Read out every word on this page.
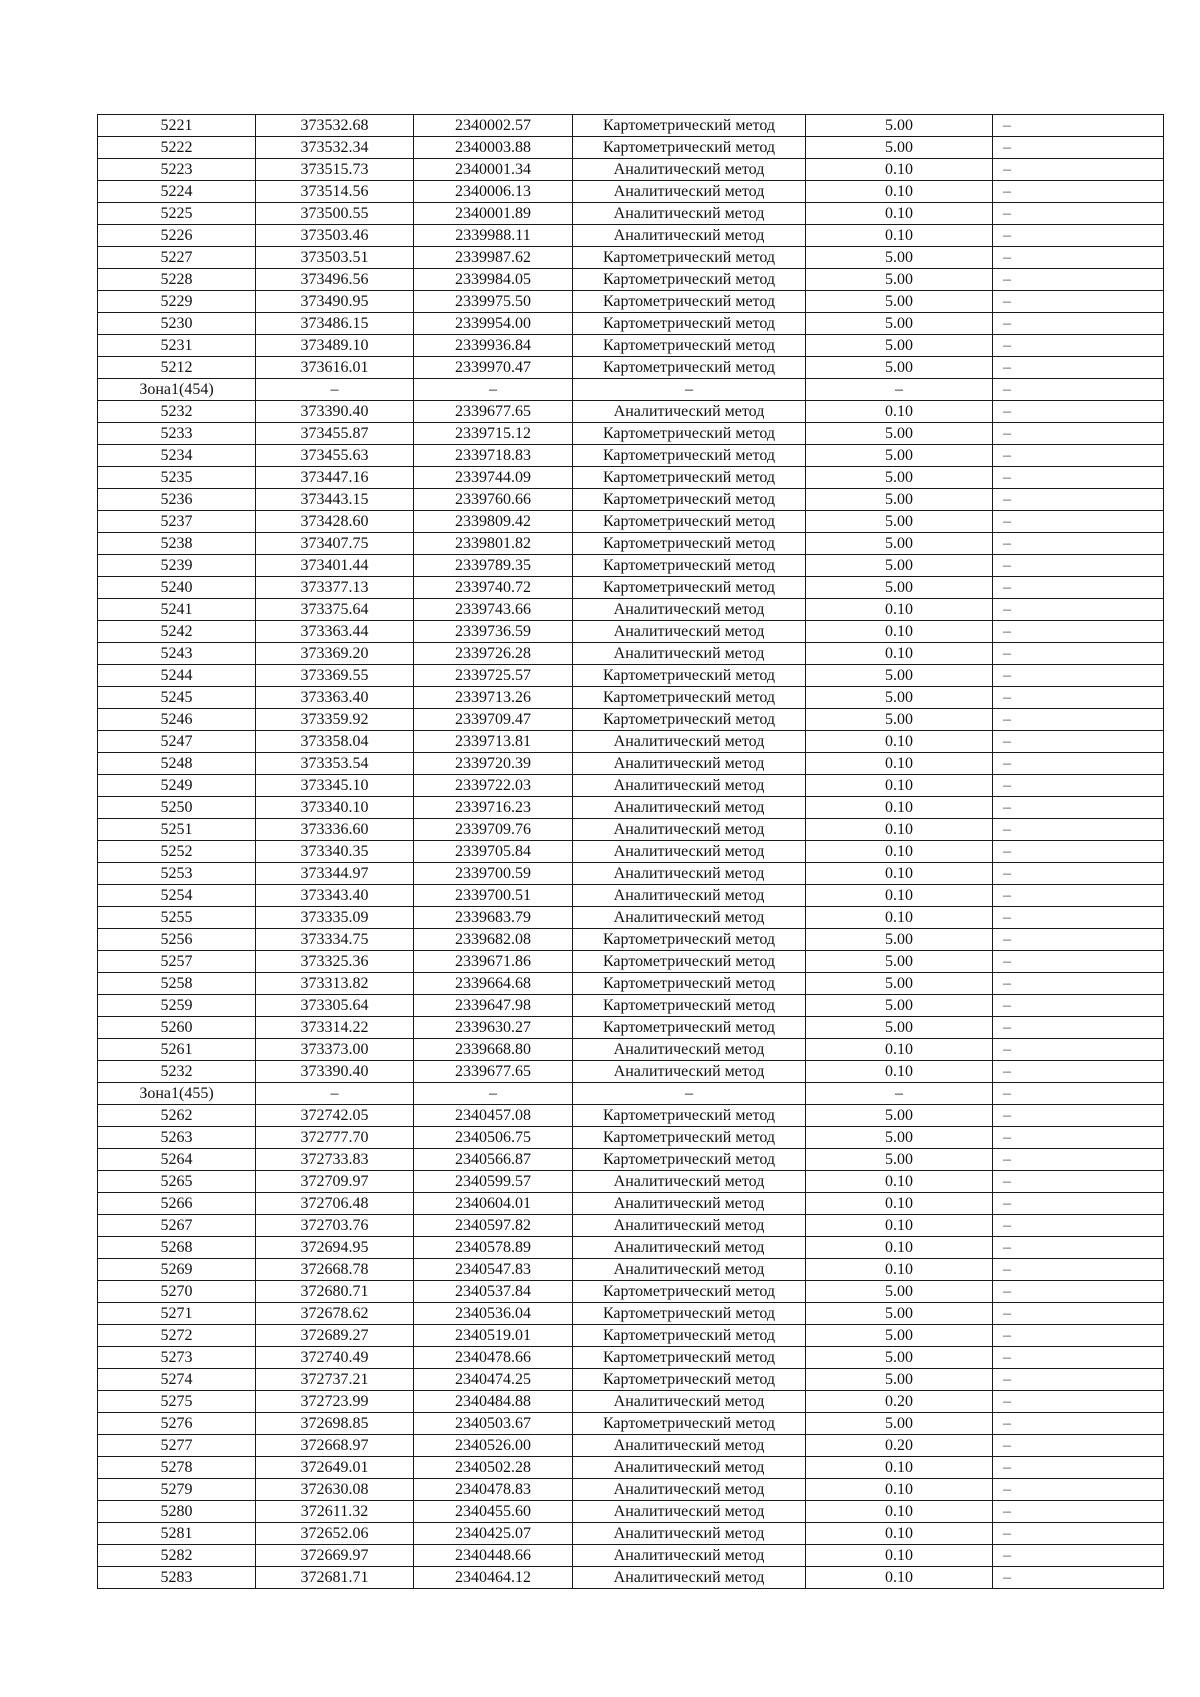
5221	373532.68	2340002.57	Картометрический метод	5.00	–
5222	373532.34	2340003.88	Картометрический метод	5.00	–
5223	373515.73	2340001.34	Аналитический метод	0.10	–
5224	373514.56	2340006.13	Аналитический метод	0.10	–
5225	373500.55	2340001.89	Аналитический метод	0.10	–
5226	373503.46	2339988.11	Аналитический метод	0.10	–
5227	373503.51	2339987.62	Картометрический метод	5.00	–
5228	373496.56	2339984.05	Картометрический метод	5.00	–
5229	373490.95	2339975.50	Картометрический метод	5.00	–
5230	373486.15	2339954.00	Картометрический метод	5.00	–
5231	373489.10	2339936.84	Картометрический метод	5.00	–
5212	373616.01	2339970.47	Картометрический метод	5.00	–
Зона1(454)	–	–	–	–	–
5232	373390.40	2339677.65	Аналитический метод	0.10	–
5233	373455.87	2339715.12	Картометрический метод	5.00	–
5234	373455.63	2339718.83	Картометрический метод	5.00	–
5235	373447.16	2339744.09	Картометрический метод	5.00	–
5236	373443.15	2339760.66	Картометрический метод	5.00	–
5237	373428.60	2339809.42	Картометрический метод	5.00	–
5238	373407.75	2339801.82	Картометрический метод	5.00	–
5239	373401.44	2339789.35	Картометрический метод	5.00	–
5240	373377.13	2339740.72	Картометрический метод	5.00	–
5241	373375.64	2339743.66	Аналитический метод	0.10	–
5242	373363.44	2339736.59	Аналитический метод	0.10	–
5243	373369.20	2339726.28	Аналитический метод	0.10	–
5244	373369.55	2339725.57	Картометрический метод	5.00	–
5245	373363.40	2339713.26	Картометрический метод	5.00	–
5246	373359.92	2339709.47	Картометрический метод	5.00	–
5247	373358.04	2339713.81	Аналитический метод	0.10	–
5248	373353.54	2339720.39	Аналитический метод	0.10	–
5249	373345.10	2339722.03	Аналитический метод	0.10	–
5250	373340.10	2339716.23	Аналитический метод	0.10	–
5251	373336.60	2339709.76	Аналитический метод	0.10	–
5252	373340.35	2339705.84	Аналитический метод	0.10	–
5253	373344.97	2339700.59	Аналитический метод	0.10	–
5254	373343.40	2339700.51	Аналитический метод	0.10	–
5255	373335.09	2339683.79	Аналитический метод	0.10	–
5256	373334.75	2339682.08	Картометрический метод	5.00	–
5257	373325.36	2339671.86	Картометрический метод	5.00	–
5258	373313.82	2339664.68	Картометрический метод	5.00	–
5259	373305.64	2339647.98	Картометрический метод	5.00	–
5260	373314.22	2339630.27	Картометрический метод	5.00	–
5261	373373.00	2339668.80	Аналитический метод	0.10	–
5232	373390.40	2339677.65	Аналитический метод	0.10	–
Зона1(455)	–	–	–	–	–
5262	372742.05	2340457.08	Картометрический метод	5.00	–
5263	372777.70	2340506.75	Картометрический метод	5.00	–
5264	372733.83	2340566.87	Картометрический метод	5.00	–
5265	372709.97	2340599.57	Аналитический метод	0.10	–
5266	372706.48	2340604.01	Аналитический метод	0.10	–
5267	372703.76	2340597.82	Аналитический метод	0.10	–
5268	372694.95	2340578.89	Аналитический метод	0.10	–
5269	372668.78	2340547.83	Аналитический метод	0.10	–
5270	372680.71	2340537.84	Картометрический метод	5.00	–
5271	372678.62	2340536.04	Картометрический метод	5.00	–
5272	372689.27	2340519.01	Картометрический метод	5.00	–
5273	372740.49	2340478.66	Картометрический метод	5.00	–
5274	372737.21	2340474.25	Картометрический метод	5.00	–
5275	372723.99	2340484.88	Аналитический метод	0.20	–
5276	372698.85	2340503.67	Картометрический метод	5.00	–
5277	372668.97	2340526.00	Аналитический метод	0.20	–
5278	372649.01	2340502.28	Аналитический метод	0.10	–
5279	372630.08	2340478.83	Аналитический метод	0.10	–
5280	372611.32	2340455.60	Аналитический метод	0.10	–
5281	372652.06	2340425.07	Аналитический метод	0.10	–
5282	372669.97	2340448.66	Аналитический метод	0.10	–
5283	372681.71	2340464.12	Аналитический метод	0.10	–
